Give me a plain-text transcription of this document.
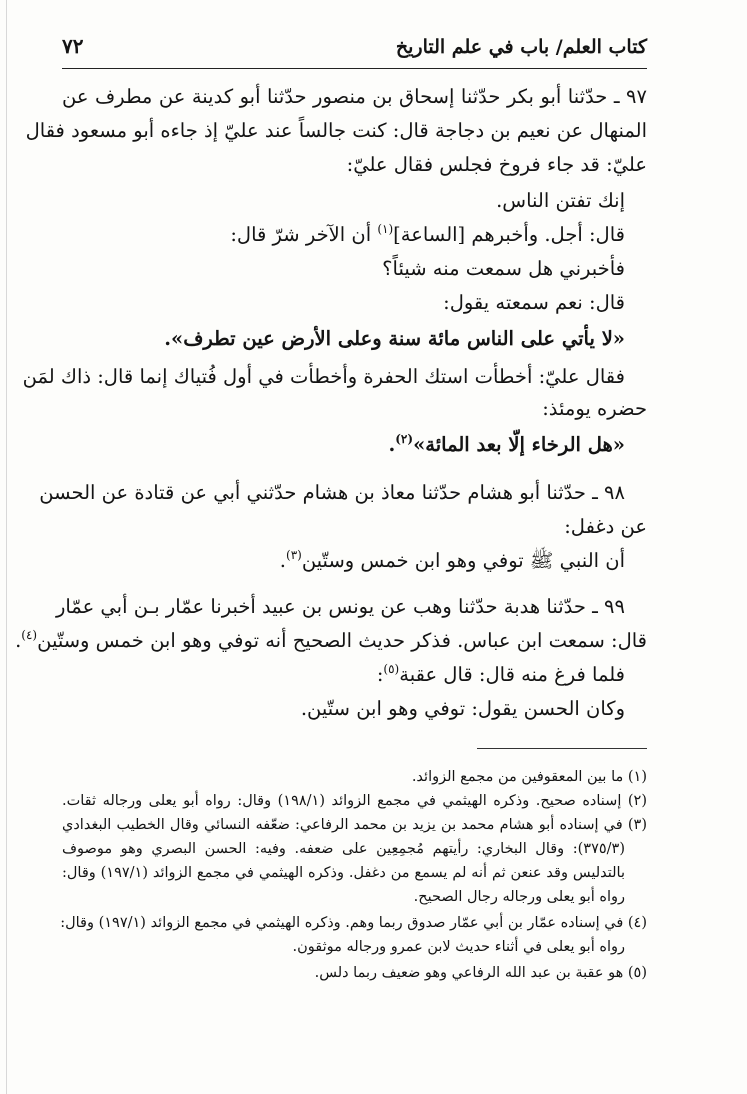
كتاب العلم/ باب في علم التاريخ
٧٢
٩٧ ـ حدّثنا أبو بكر حدّثنا إسحاق بن منصور حدّثنا أبو كدينة عن مطرف عن
المنهال عن نعيم بن دجاجة قال: كنت جالساً عند عليّ إذ جاءه أبو مسعود فقال
عليّ: قد جاء فروخ فجلس فقال عليّ:
إنك تفتن الناس.
قال: أجل. وأخبرهم [الساعة]$^{(١)}$ أن الآخر شرّ قال:
فأخبرني هل سمعت منه شيئاً؟
قال: نعم سمعته يقول:
«لا يأتي على الناس مائة سنة وعلى الأرض عين تطرف».
فقال عليّ: أخطأت استك الحفرة وأخطأت في أول فُتياك إنما قال: ذاك لمَن
حضره يومئذ:
«هل الرخاء إلّا بعد المائة»$^{(٢)}$.
٩٨ ـ حدّثنا أبو هشام حدّثنا معاذ بن هشام حدّثني أبي عن قتادة عن الحسن
عن دغفل:
أن النبي ﷺ توفي وهو ابن خمس وستّين$^{(٣)}$.
٩٩ ـ حدّثنا هدبة حدّثنا وهب عن يونس بن عبيد أخبرنا عمّار بـن أبي عمّار
قال: سمعت ابن عباس. فذكر حديث الصحيح أنه توفي وهو ابن خمس وستّين$^{(٤)}$.
فلما فرغ منه قال: قال عقبة$^{(٥)}$:
وكان الحسن يقول: توفي وهو ابن ستّين.
(١) ما بين المعقوفين من مجمع الزوائد.
(٢) إسناده صحيح. وذكره الهيثمي في مجمع الزوائد (١٩٨/١) وقال: رواه أبو يعلى ورجاله ثقات.
(٣) في إسناده أبو هشام محمد بن يزيد بن محمد الرفاعي: ضعّفه النسائي وقال الخطيب البغدادي
(٣٧٥/٣): وقال البخاري: رأيتهم مُجمِعِين على ضعفه. وفيه: الحسن البصري وهو موصوف
بالتدليس وقد عنعن ثم أنه لم يسمع من دغفل. وذكره الهيثمي في مجمع الزوائد (١٩٧/١) وقال:
رواه أبو يعلى ورجاله رجال الصحيح.
(٤) في إسناده عمّار بن أبي عمّار صدوق ربما وهم. وذكره الهيثمي في مجمع الزوائد (١٩٧/١) وقال:
رواه أبو يعلى في أثناء حديث لابن عمرو ورجاله موثقون.
(٥) هو عقبة بن عبد الله الرفاعي وهو ضعيف ربما دلس.
